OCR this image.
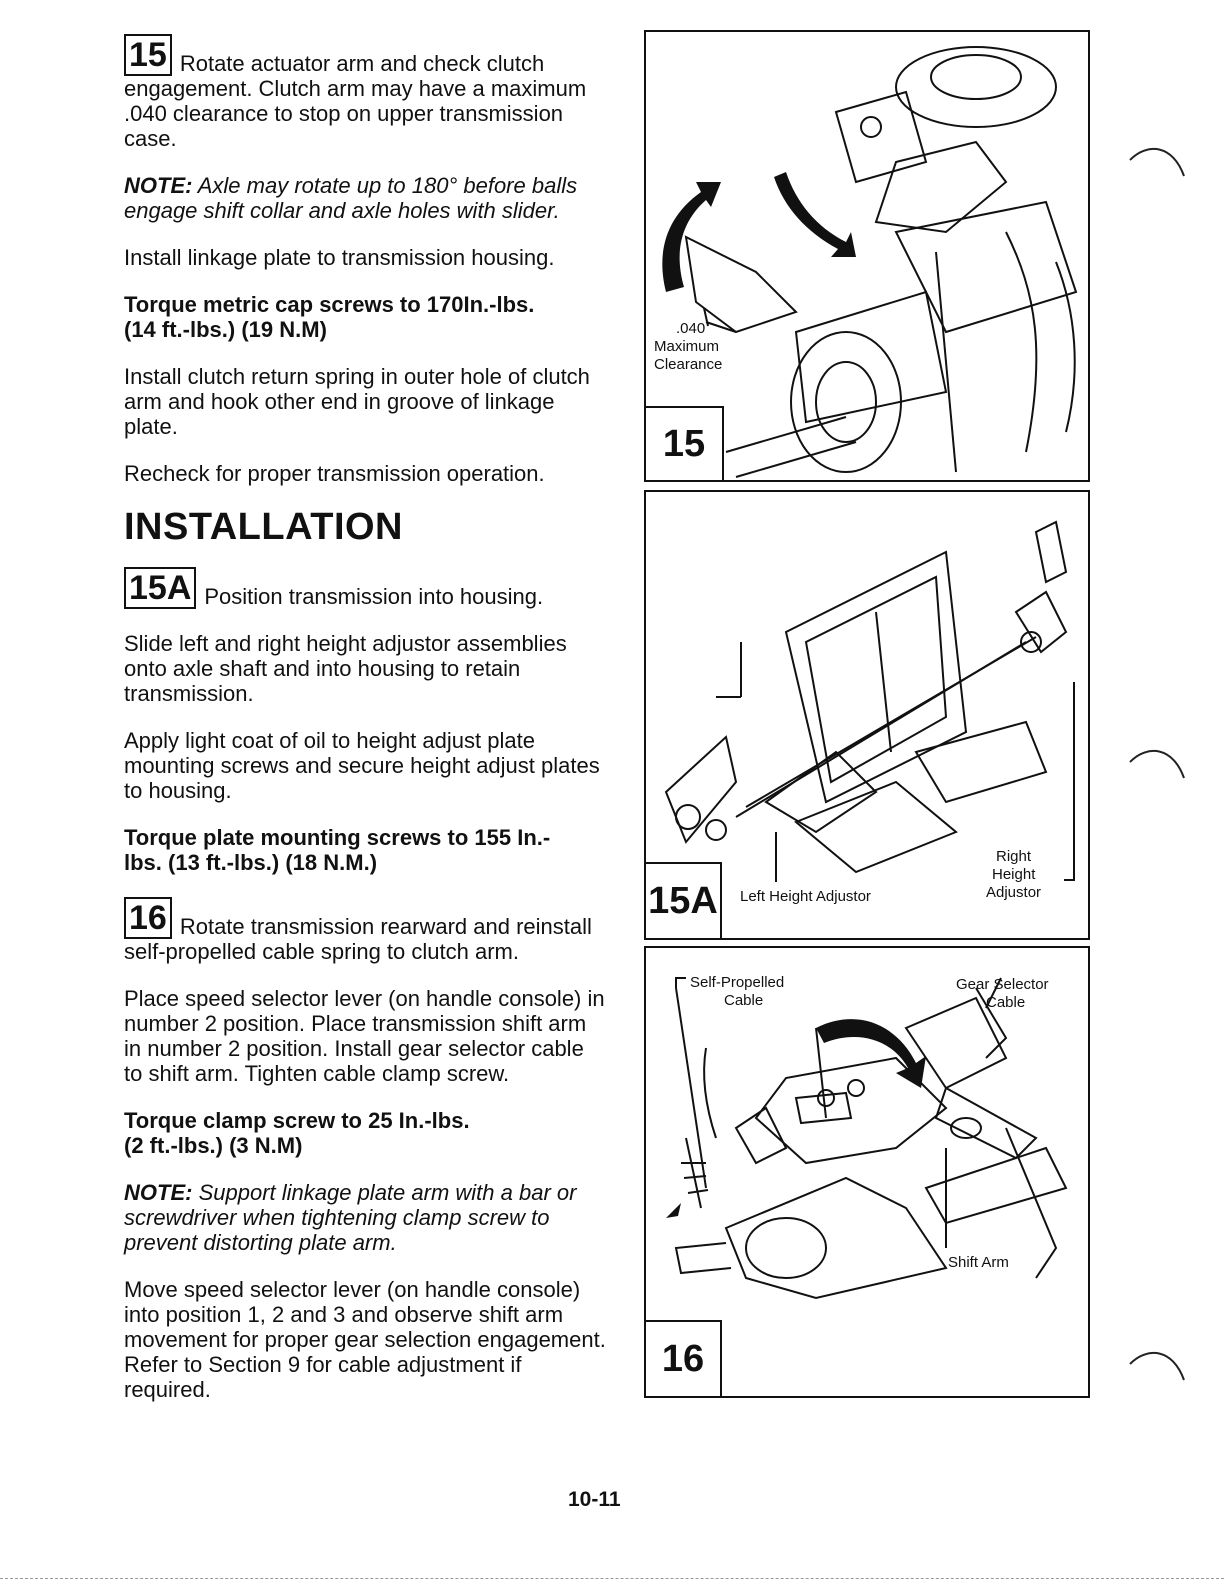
15 Rotate actuator arm and check clutch engagement. Clutch arm may have a maximum .040 clearance to stop on upper transmission case.

NOTE: Axle may rotate up to 180° before balls engage shift collar and axle holes with slider.

Install linkage plate to transmission housing.

Torque metric cap screws to 170In.-lbs.

(14 ft.-lbs.) (19 N.M)

Install clutch return spring in outer hole of clutch arm and hook other end in groove of linkage plate.

Recheck for proper transmission operation.

INSTALLATION

15A Position transmission into housing.

Slide left and right height adjustor assemblies onto axle shaft and into housing to retain transmission.

Apply light coat of oil to height adjust plate mounting screws and secure height adjust plates to housing.

Torque plate mounting screws to 155 In.-

lbs. (13 ft.-lbs.) (18 N.M.)

16 Rotate transmission rearward and reinstall self-propelled cable spring to clutch arm.

Place speed selector lever (on handle console) in number 2 position. Place transmission shift arm in number 2 position. Install gear selector cable to shift arm. Tighten cable clamp screw.

Torque clamp screw to 25 In.-lbs.

(2 ft.-lbs.) (3 N.M)

NOTE: Support linkage plate arm with a bar or screwdriver when tightening clamp screw to prevent distorting plate arm.

Move speed selector lever (on handle console) into position 1, 2 and 3 and observe shift arm movement for proper gear selection engagement. Refer to Section 9 for cable adjustment if required.

.040
Maximum
Clearance
15
Left Height Adjustor
Right
Height
Adjustor
15A
Self-Propelled
Cable
Gear Selector
Cable
Shift Arm
16
10-11
